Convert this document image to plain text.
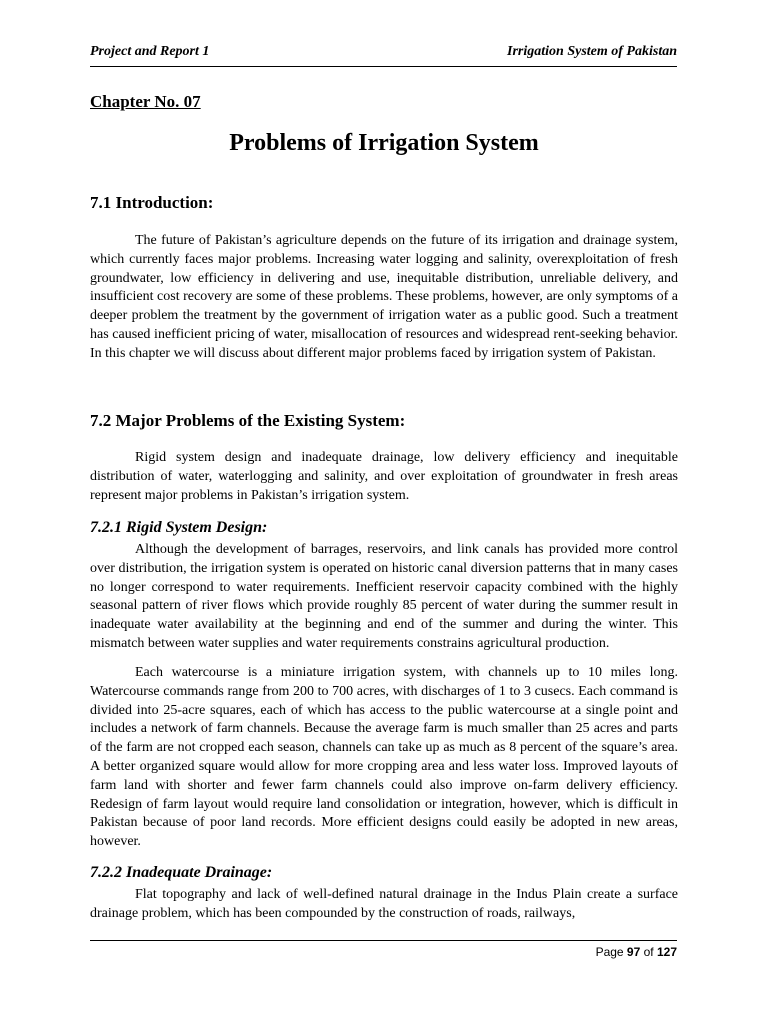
Project and Report 1	Irrigation System of Pakistan
Chapter No. 07
Problems of Irrigation System
7.1 Introduction:
The future of Pakistan’s agriculture depends on the future of its irrigation and drainage system, which currently faces major problems. Increasing water logging and salinity, overexploitation of fresh groundwater, low efficiency in delivering and use, inequitable distribution, unreliable delivery, and insufficient cost recovery are some of these problems. These problems, however, are only symptoms of a deeper problem the treatment by the government of irrigation water as a public good. Such a treatment has caused inefficient pricing of water, misallocation of resources and widespread rent-seeking behavior. In this chapter we will discuss about different major problems faced by irrigation system of Pakistan.
7.2 Major Problems of the Existing System:
Rigid system design and inadequate drainage, low delivery efficiency and inequitable distribution of water, waterlogging and salinity, and over exploitation of groundwater in fresh areas represent major problems in Pakistan’s irrigation system.
7.2.1 Rigid System Design:
Although the development of barrages, reservoirs, and link canals has provided more control over distribution, the irrigation system is operated on historic canal diversion patterns that in many cases no longer correspond to water requirements. Inefficient reservoir capacity combined with the highly seasonal pattern of river flows which provide roughly 85 percent of water during the summer result in inadequate water availability at the beginning and end of the summer and during the winter. This mismatch between water supplies and water requirements constrains agricultural production.
Each watercourse is a miniature irrigation system, with channels up to 10 miles long. Watercourse commands range from 200 to 700 acres, with discharges of 1 to 3 cusecs. Each command is divided into 25-acre squares, each of which has access to the public watercourse at a single point and includes a network of farm channels. Because the average farm is much smaller than 25 acres and parts of the farm are not cropped each season, channels can take up as much as 8 percent of the square’s area. A better organized square would allow for more cropping area and less water loss. Improved layouts of farm land with shorter and fewer farm channels could also improve on-farm delivery efficiency. Redesign of farm layout would require land consolidation or integration, however, which is difficult in Pakistan because of poor land records. More efficient designs could easily be adopted in new areas, however.
7.2.2 Inadequate Drainage:
Flat topography and lack of well-defined natural drainage in the Indus Plain create a surface drainage problem, which has been compounded by the construction of roads, railways,
Page 97 of 127
